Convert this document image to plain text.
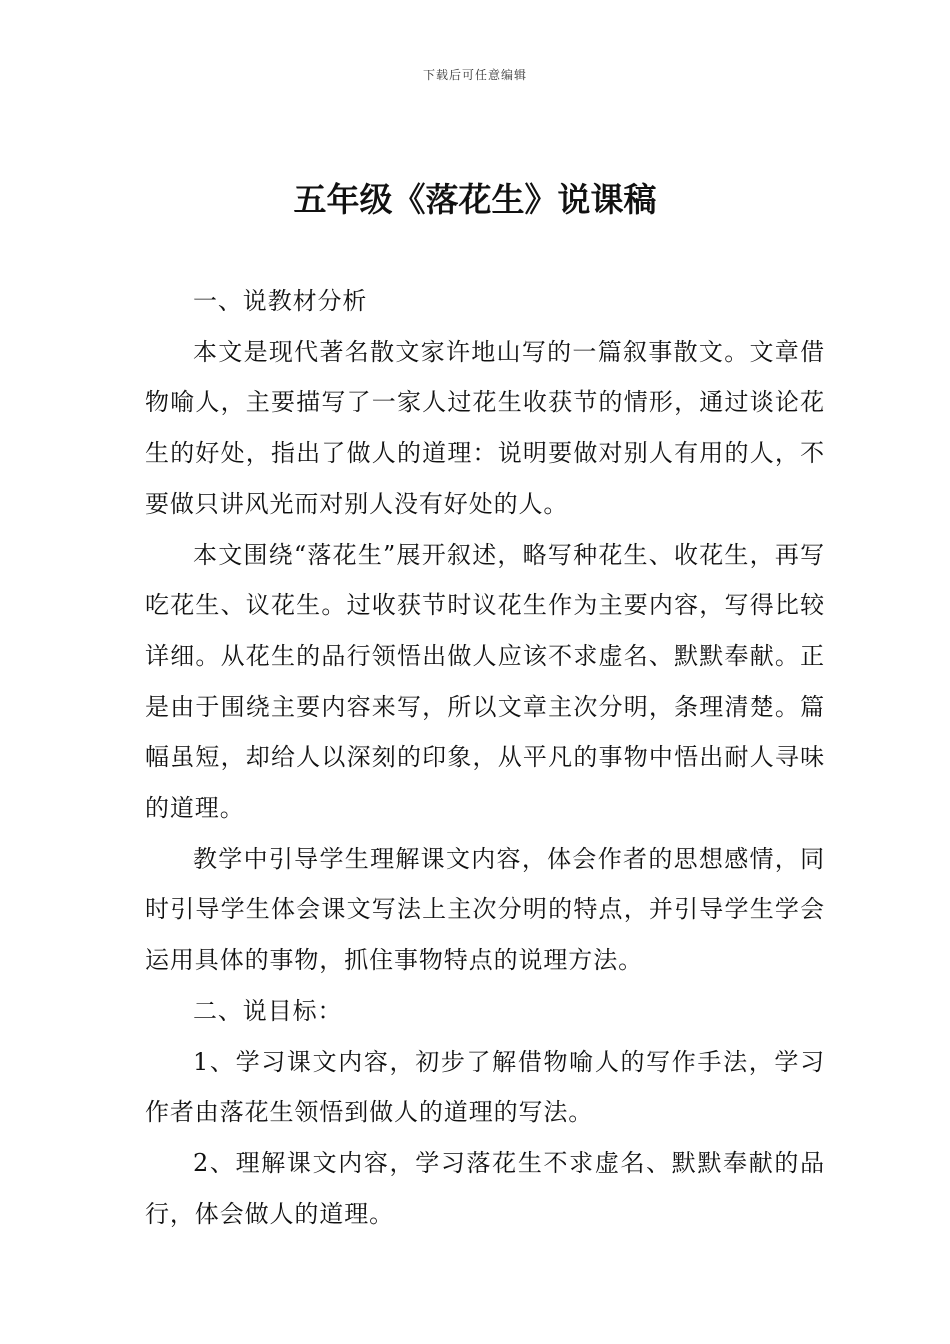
下载后可任意编辑
五年级《落花生》说课稿

一、说教材分析

本文是现代著名散文家许地山写的一篇叙事散文。文章借物喻人，主要描写了一家人过花生收获节的情形，通过谈论花生的好处，指出了做人的道理：说明要做对别人有用的人，不要做只讲风光而对别人没有好处的人。

本文围绕“落花生”展开叙述，略写种花生、收花生，再写吃花生、议花生。过收获节时议花生作为主要内容，写得比较详细。从花生的品行领悟出做人应该不求虚名、默默奉献。正是由于围绕主要内容来写，所以文章主次分明，条理清楚。篇幅虽短，却给人以深刻的印象，从平凡的事物中悟出耐人寻味的道理。

教学中引导学生理解课文内容，体会作者的思想感情，同时引导学生体会课文写法上主次分明的特点，并引导学生学会运用具体的事物，抓住事物特点的说理方法。

二、说目标：

1、学习课文内容，初步了解借物喻人的写作手法，学习作者由落花生领悟到做人的道理的写法。

2、理解课文内容，学习落花生不求虚名、默默奉献的品行，体会做人的道理。
